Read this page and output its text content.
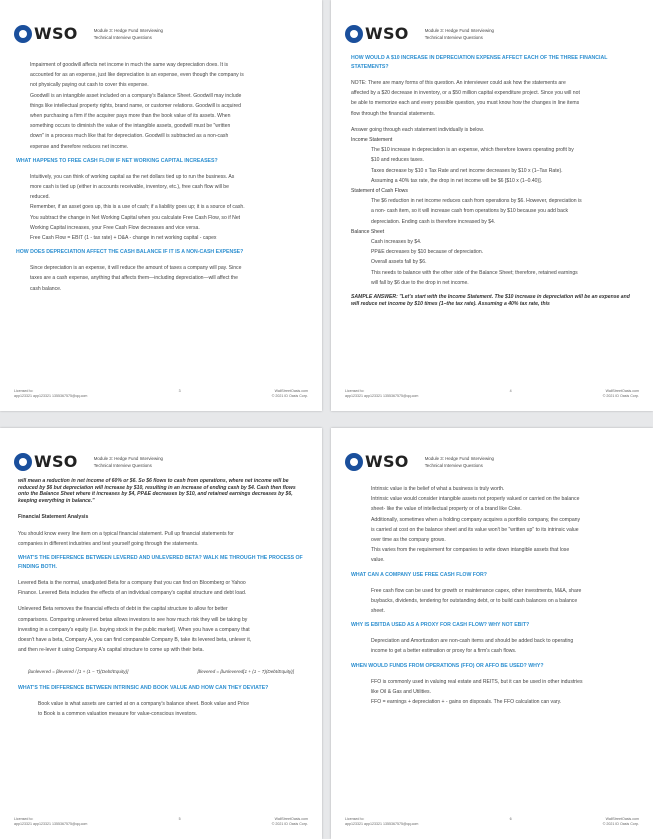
WSO	Module 3: Hedge Fund Interviewing
Technical Interview Questions

Impairment of goodwill affects net income in much the same way depreciation does. It is

accounted for as an expense, just like depreciation is an expense, even though the company is

not physically paying out cash to cover this expense.

Goodwill is an intangible asset included on a company's Balance Sheet. Goodwill may include

things like intellectual property rights, brand name, or customer relations. Goodwill is acquired

when purchasing a firm if the acquirer pays more than the book value of its assets. When

something occurs to diminish the value of the intangible assets, goodwill must be "written

down" in a process much like that for depreciation. Goodwill is subtracted as a non-cash

expense and therefore reduces net income.

WHAT HAPPENS TO FREE CASH FLOW IF NET WORKING CAPITAL INCREASES?

Intuitively, you can think of working capital as the net dollars tied up to run the business. As

more cash is tied up (either in accounts receivable, inventory, etc.), free cash flow will be

reduced.

Remember, if an asset goes up, this is a use of cash; if a liability goes up; it is a source of cash.

You subtract the change in Net Working Capital when you calculate Free Cash Flow, so if Net

Working Capital increases, your Free Cash Flow decreases and vice versa.

Free Cash Flow = EBIT (1 - tax rate) + D&A - change in net working capital - capex

HOW DOES DEPRECIATION AFFECT THE CASH BALANCE IF IT IS A NON-CASH EXPENSE?

Since depreciation is an expense, it will reduce the amount of taxes a company will pay. Since

taxes are a cash expense, anything that affects them—including depreciation—will affect the

cash balance.

Licensed to:
app123321 app123321 1355367575@qq.com
3	WallStreetOasis.com
© 2021 ID Oasis Corp.
WSO	Module 3: Hedge Fund Interviewing
Technical Interview Questions
HOW WOULD A $10 INCREASE IN DEPRECIATION EXPENSE AFFECT EACH OF THE THREE FINANCIAL STATEMENTS?

NOTE: There are many forms of this question. An interviewer could ask how the statements are

affected by a $20 decrease in inventory, or a $50 million capital expenditure project. Since you will not

be able to memorize each and every possible question, you must know how the changes in line items

flow through the financial statements.

Answer going through each statement individually is below.

Income Statement

The $10 increase in depreciation is an expense, which therefore lowers operating profit by

$10 and reduces taxes.

Taxes decrease by $10 x Tax Rate and net income decreases by $10 x (1–Tax Rate).

Assuming a 40% tax rate, the drop in net income will be $6 [$10 x (1–0.40)].

Statement of Cash Flows

The $6 reduction in net income reduces cash from operations by $6. However, depreciation is

a non- cash item, so it will increase cash from operations by $10 because you add back

depreciation. Ending cash is therefore increased by $4.

Balance Sheet

Cash increases by $4.

PP&E decreases by $10 because of depreciation.

Overall assets fall by $6.

This needs to balance with the other side of the Balance Sheet; therefore, retained earnings

will fall by $6 due to the drop in net income.

SAMPLE ANSWER: "Let's start with the Income Statement. The $10 increase in depreciation will be an expense and will reduce net income by $10 times (1–the tax rate). Assuming a 40% tax rate, this

Licensed to:
app123321 app123321 1355367575@qq.com
4	WallStreetOasis.com
© 2021 ID Oasis Corp.
WSO	Module 3: Hedge Fund Interviewing
Technical Interview Questions

will mean a reduction in net income of 60% or $6. So $6 flows to cash from operations, where net income will be reduced by $6 but depreciation will increase by $10, resulting in an increase of ending cash by $4. Cash then flows onto the Balance Sheet where it increases by $4, PP&E decreases by $10, and retained earnings decreases by $6, keeping everything in balance."

Financial Statement Analysis

You should know every line item on a typical financial statement. Pull up financial statements for

companies in different industries and test yourself going through the statements.

WHAT'S THE DIFFERENCE BETWEEN LEVERED AND UNLEVERED BETA? WALK ME THROUGH THE PROCESS OF FINDING BOTH.

Levered Beta is the normal, unadjusted Beta for a company that you can find on Bloomberg or Yahoo

Finance. Levered Beta includes the effects of an individual company's capital structure and debt load.

Unlevered Beta removes the financial effects of debt in the capital structure to allow for better

comparisons. Comparing unlevered betas allows investors to see how much risk they will be taking by

investing in a company's equity (i.e. buying stock in the public market). When you have a company that

doesn't have a beta, Company A, you can find comparable Company B, take its levered beta, unlever it,

and then re-lever it using Company A's capital structure to come up with their beta.

βunlevered = βlevered / [1 + (1 − T)(Debt/Equity)]	βlevered = βunlevered[1 + (1 − T)(Debt/Equity)]
WHAT'S THE DIFFERENCE BETWEEN INTRINSIC AND BOOK VALUE AND HOW CAN THEY DEVIATE?

Book value is what assets are carried at on a company's balance sheet. Book value and Price

to Book is a common valuation measure for value-conscious investors.

Licensed to:
app123321 app123321 1355367575@qq.com
5	WallStreetOasis.com
© 2021 ID Oasis Corp.
WSO	Module 3: Hedge Fund Interviewing
Technical Interview Questions

Intrinsic value is the belief of what a business is truly worth.

Intrinsic value would consider intangible assets not properly valued or carried on the balance

sheet- like the value of intellectual property or of a brand like Coke.

Additionally, sometimes when a holding company acquires a portfolio company, the company

is carried at cost on the balance sheet and its value won't be "written up" to its intrinsic value

over time as the company grows.

This varies from the requirement for companies to write down intangible assets that lose

value.

WHAT CAN A COMPANY USE FREE CASH FLOW FOR?

Free cash flow can be used for growth or maintenance capex, other investments, M&A, share

buybacks, dividends, tendering for outstanding debt, or to build cash balances on a balance

sheet.

WHY IS EBITDA USED AS A PROXY FOR CASH FLOW? WHY NOT EBIT?

Depreciation and Amortization are non-cash items and should be added back to operating

income to get a better estimation or proxy for a firm's cash flows.

WHEN WOULD FUNDS FROM OPERATIONS (FFO) OR AFFO BE USED? WHY?

FFO is commonly used in valuing real estate and REITS, but it can be used in other industries

like Oil & Gas and Utilities.

FFO = earnings + depreciation + - gains on disposals. The FFO calculation can vary.

Licensed to:
app123321 app123321 1355367575@qq.com
6	WallStreetOasis.com
© 2021 ID Oasis Corp.
